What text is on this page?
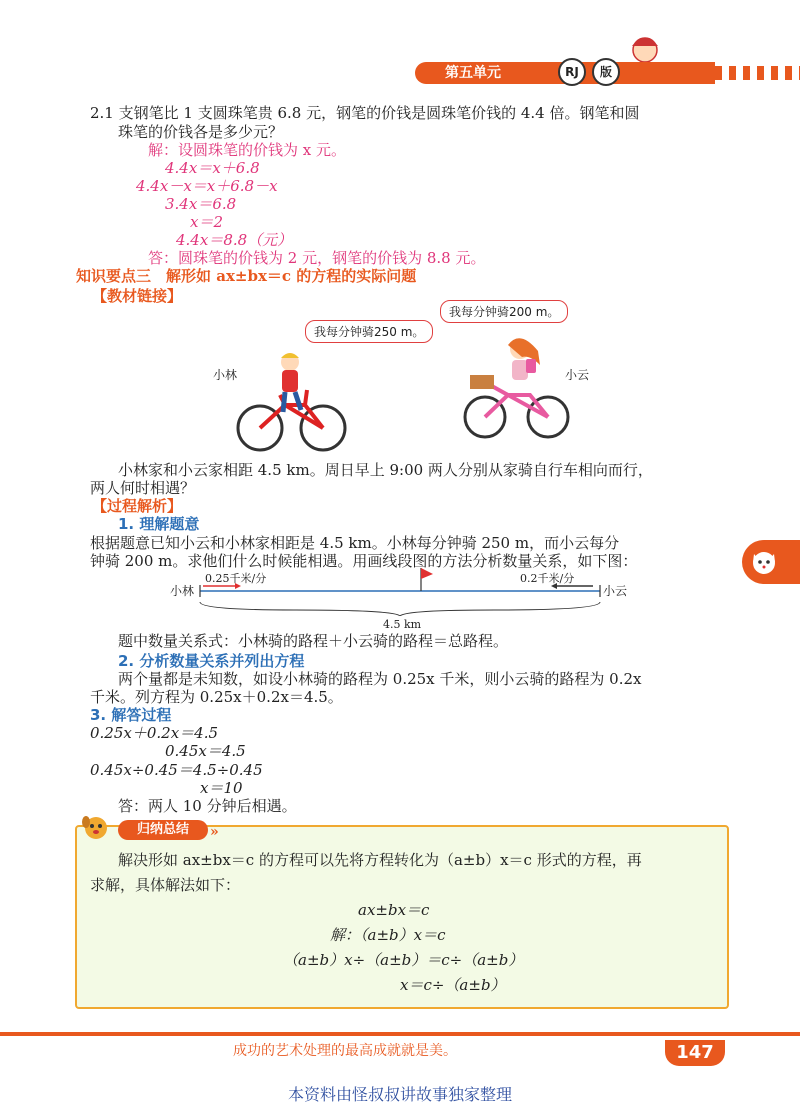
第五单元	RJ	版
2.1 支钢笔比 1 支圆珠笔贵 6.8 元，钢笔的价钱是圆珠笔价钱的 4.4 倍。钢笔和圆
珠笔的价钱各是多少元？
解：设圆珠笔的价钱为 x 元。
4.4x＝x＋6.8
4.4x－x＝x＋6.8－x
3.4x＝6.8
x＝2
4.4x＝8.8（元）
答：圆珠笔的价钱为 2 元，钢笔的价钱为 8.8 元。
知识要点三　解形如 ax±bx＝c 的方程的实际问题
【教材链接】
我每分钟骑250 m。
我每分钟骑200 m。
小林	小云
小林家和小云家相距 4.5 km。周日早上 9:00 两人分别从家骑自行车相向而行，
两人何时相遇？
【过程解析】
1. 理解题意
根据题意已知小云和小林家相距是 4.5 km。小林每分钟骑 250 m，而小云每分
钟骑 200 m。求他们什么时候能相遇。用画线段图的方法分析数量关系，如下图：
小林	小云
0.25千米/分	0.2千米/分
4.5 km
题中数量关系式：小林骑的路程＋小云骑的路程＝总路程。
2. 分析数量关系并列出方程
两个量都是未知数，如设小林骑的路程为 0.25x 千米，则小云骑的路程为 0.2x
千米。列方程为 0.25x＋0.2x＝4.5。
3. 解答过程
0.25x＋0.2x＝4.5
0.45x＝4.5
0.45x÷0.45＝4.5÷0.45
x＝10
答：两人 10 分钟后相遇。
归纳总结	»
解决形如 ax±bx＝c 的方程可以先将方程转化为（a±b）x＝c 形式的方程，再
求解，具体解法如下：
ax±bx＝c
解：（a±b）x＝c
（a±b）x÷（a±b）＝c÷（a±b）
x＝c÷（a±b）
成功的艺术处理的最高成就就是美。	147
本资料由怪叔叔讲故事独家整理
